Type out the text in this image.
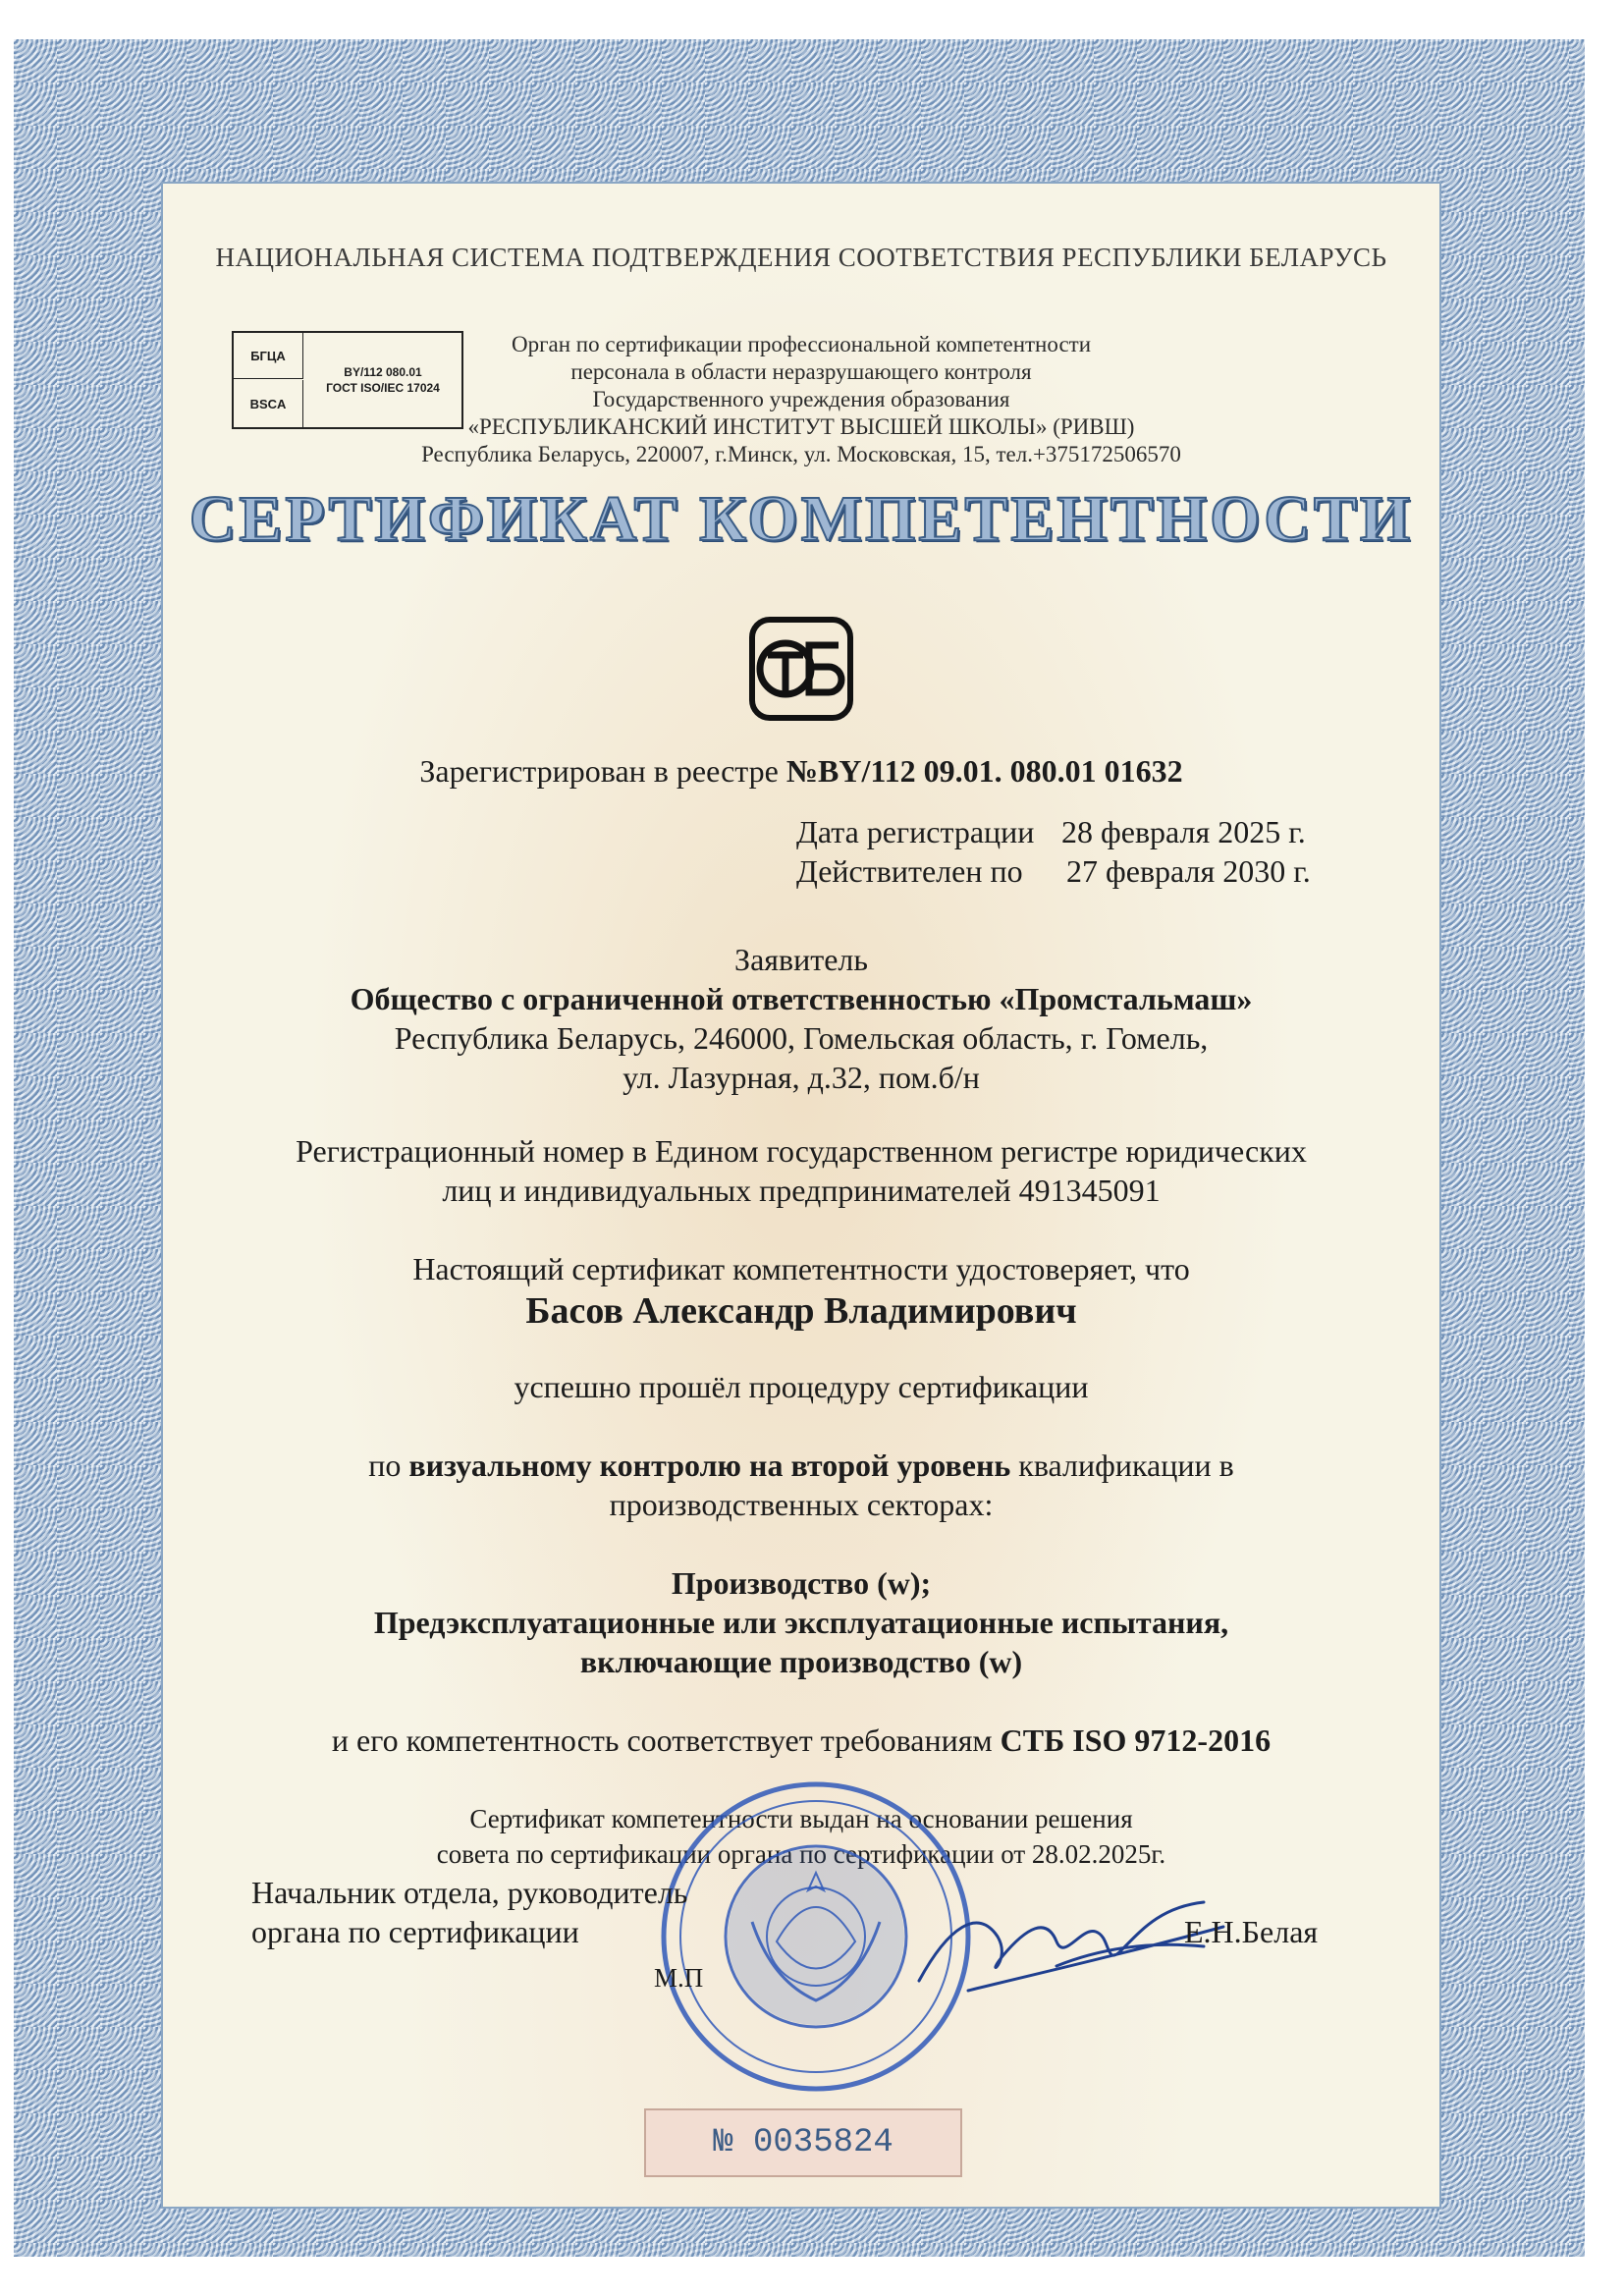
НАЦИОНАЛЬНАЯ СИСТЕМА ПОДТВЕРЖДЕНИЯ СООТВЕТСТВИЯ РЕСПУБЛИКИ БЕЛАРУСЬ
БГЦА
BSCA
BY/112 080.01
ГОСТ ISO/IEC 17024
Орган по сертификации профессиональной компетентности
персонала в области неразрушающего контроля
Государственного учреждения образования
«РЕСПУБЛИКАНСКИЙ ИНСТИТУТ ВЫСШЕЙ ШКОЛЫ» (РИВШ)
Республика Беларусь, 220007, г.Минск, ул. Московская, 15, тел.+375172506570
СЕРТИФИКАТ КОМПЕТЕНТНОСТИ
Зарегистрирован в реестре №BY/112 09.01. 080.01 01632
Дата регистрации 28 февраля 2025 г.
Действителен по 27 февраля 2030 г.
Заявитель
Общество с ограниченной ответственностью «Промстальмаш»
Республика Беларусь, 246000, Гомельская область, г. Гомель,
ул. Лазурная, д.32, пом.б/н
Регистрационный номер в Едином государственном регистре юридических
лиц и индивидуальных предпринимателей 491345091
Настоящий сертификат компетентности удостоверяет, что
Басов Александр Владимирович
успешно прошёл процедуру сертификации
по визуальному контролю на второй уровень квалификации в
производственных секторах:
Производство (w);
Предэксплуатационные или эксплуатационные испытания,
включающие производство (w)
и его компетентность соответствует требованиям СТБ ISO 9712-2016
Сертификат компетентности выдан на основании решения
совета по сертификации органа по сертификации от 28.02.2025г.
Начальник отдела, руководитель
органа по сертификации
М.П
Е.Н.Белая
№ 0035824
